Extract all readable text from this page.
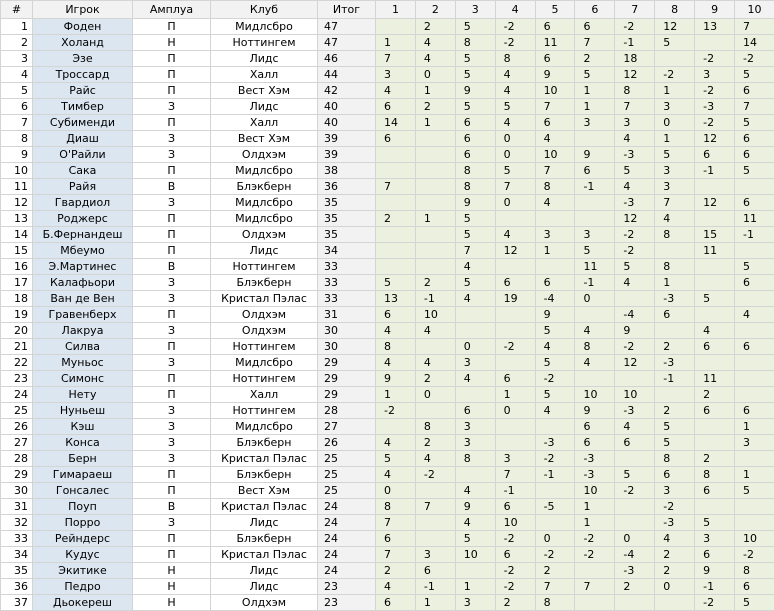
#	Игрок	Амплуа	Клуб	Итог	1	2	3	4	5	6	7	8	9	10
1	Фоден	П	Мидлсбро	47		2	5	-2	6	6	-2	12	13	7
2	Холанд	Н	Ноттингем	47	1	4	8	-2	11	7	-1	5		14
3	Эзе	П	Лидс	46	7	4	5	8	6	2	18		-2	-2
4	Троссард	П	Халл	44	3	0	5	4	9	5	12	-2	3	5
5	Райс	П	Вест Хэм	42	4	1	9	4	10	1	8	1	-2	6
6	Тимбер	З	Лидс	40	6	2	5	5	7	1	7	3	-3	7
7	Субименди	П	Халл	40	14	1	6	4	6	3	3	0	-2	5
8	Диаш	З	Вест Хэм	39	6		6	0	4		4	1	12	6
9	О'Райли	З	Олдхэм	39			6	0	10	9	-3	5	6	6
10	Сака	П	Мидлсбро	38			8	5	7	6	5	3	-1	5
11	Райя	В	Блэкберн	36	7		8	7	8	-1	4	3		
12	Гвардиол	З	Мидлсбро	35			9	0	4		-3	7	12	6
13	Роджерс	П	Мидлсбро	35	2	1	5				12	4		11
14	Б.Фернандеш	П	Олдхэм	35			5	4	3	3	-2	8	15	-1
15	Мбеумо	П	Лидс	34			7	12	1	5	-2		11	
16	Э.Мартинес	В	Ноттингем	33			4			11	5	8		5
17	Калафьори	З	Блэкберн	33	5	2	5	6	6	-1	4	1		6
18	Ван де Вен	З	Кристал Пэлас	33	13	-1	4	19	-4	0		-3	5	
19	Гравенберх	П	Олдхэм	31	6	10			9		-4	6		4
20	Лакруа	З	Олдхэм	30	4	4			5	4	9		4	
21	Силва	П	Ноттингем	30	8		0	-2	4	8	-2	2	6	6
22	Муньос	З	Мидлсбро	29	4	4	3		5	4	12	-3		
23	Симонс	П	Ноттингем	29	9	2	4	6	-2			-1	11	
24	Нету	П	Халл	29	1	0		1	5	10	10		2	
25	Нуньеш	З	Ноттингем	28	-2		6	0	4	9	-3	2	6	6
26	Кэш	З	Мидлсбро	27		8	3			6	4	5		1
27	Конса	З	Блэкберн	26	4	2	3		-3	6	6	5		3
28	Берн	З	Кристал Пэлас	25	5	4	8	3	-2	-3		8	2	
29	Гимараеш	П	Блэкберн	25	4	-2		7	-1	-3	5	6	8	1
30	Гонсалес	П	Вест Хэм	25	0		4	-1		10	-2	3	6	5
31	Поуп	В	Кристал Пэлас	24	8	7	9	6	-5	1		-2		
32	Порро	З	Лидс	24	7		4	10		1		-3	5	
33	Рейндерс	П	Блэкберн	24	6		5	-2	0	-2	0	4	3	10
34	Кудус	П	Кристал Пэлас	24	7	3	10	6	-2	-2	-4	2	6	-2
35	Экитике	Н	Лидс	24	2	6		-2	2		-3	2	9	8
36	Педро	Н	Лидс	23	4	-1	1	-2	7	7	2	0	-1	6
37	Дьокереш	Н	Олдхэм	23	6	1	3	2	8				-2	5
